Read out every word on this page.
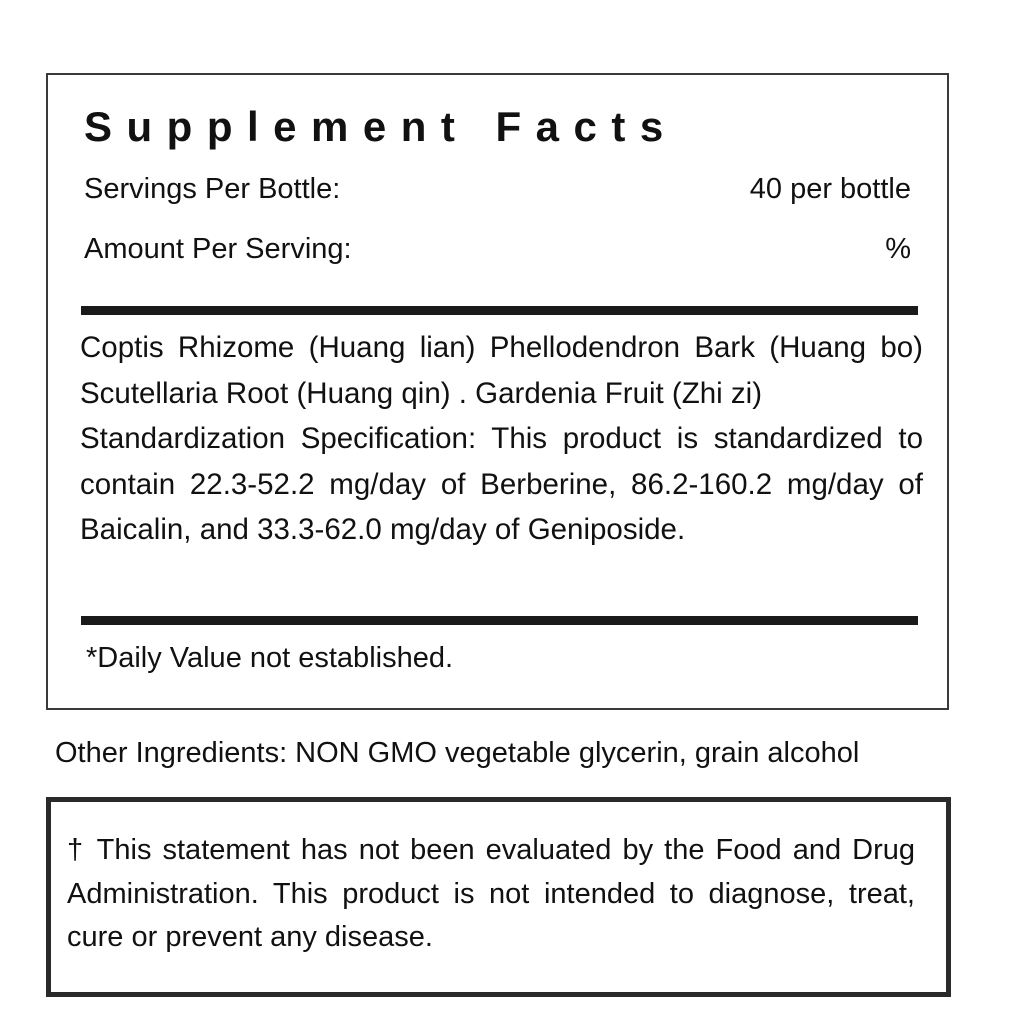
Supplement Facts
Servings Per Bottle:	40 per bottle
Amount Per Serving:	%

Coptis Rhizome (Huang lian) Phellodendron Bark (Huang bo) Scutellaria Root (Huang qin) . Gardenia Fruit (Zhi zi)
Standardization Specification: This product is standardized to contain 22.3-52.2 mg/day of Berberine, 86.2-160.2 mg/day of Baicalin, and 33.3-62.0 mg/day of Geniposide.

*Daily Value not established.

Other Ingredients: NON GMO vegetable glycerin, grain alcohol

† This statement has not been evaluated by the Food and Drug Administration. This product is not intended to diagnose, treat, cure or prevent any disease.
